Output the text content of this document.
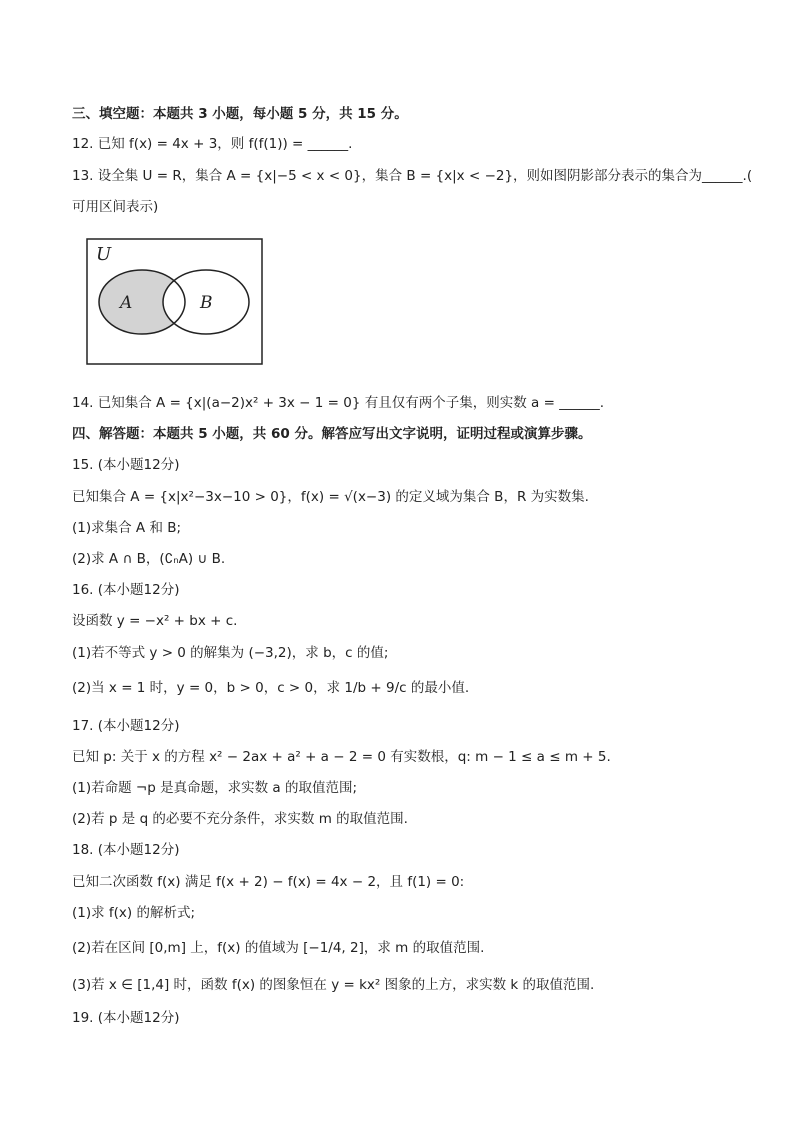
三、填空题：本题共 3 小题，每小题 5 分，共 15 分。
12. 已知 f(x) = 4x + 3，则 f(f(1)) = ______.
13. 设全集 U = R，集合 A = {x|−5 < x < 0}，集合 B = {x|x < −2}，则如图阴影部分表示的集合为______.(
可用区间表示)
U
A	B
14. 已知集合 A = {x|(a−2)x² + 3x − 1 = 0} 有且仅有两个子集，则实数 a = ______.
四、解答题：本题共 5 小题，共 60 分。解答应写出文字说明，证明过程或演算步骤。
15. (本小题12分)
已知集合 A = {x|x²−3x−10 > 0}，f(x) = √(x−3) 的定义域为集合 B，R 为实数集.
(1)求集合 A 和 B;
(2)求 A ∩ B，(∁ₙA) ∪ B.
16. (本小题12分)
设函数 y = −x² + bx + c.
(1)若不等式 y > 0 的解集为 (−3,2)，求 b，c 的值;
(2)当 x = 1 时，y = 0，b > 0，c > 0，求 1/b + 9/c 的最小值.
17. (本小题12分)
已知 p: 关于 x 的方程 x² − 2ax + a² + a − 2 = 0 有实数根，q: m − 1 ≤ a ≤ m + 5.
(1)若命题 ¬p 是真命题，求实数 a 的取值范围;
(2)若 p 是 q 的必要不充分条件，求实数 m 的取值范围.
18. (本小题12分)
已知二次函数 f(x) 满足 f(x + 2) − f(x) = 4x − 2，且 f(1) = 0:
(1)求 f(x) 的解析式;
(2)若在区间 [0,m] 上，f(x) 的值域为 [−1/4, 2]，求 m 的取值范围.
(3)若 x ∈ [1,4] 时，函数 f(x) 的图象恒在 y = kx² 图象的上方，求实数 k 的取值范围.
19. (本小题12分)
